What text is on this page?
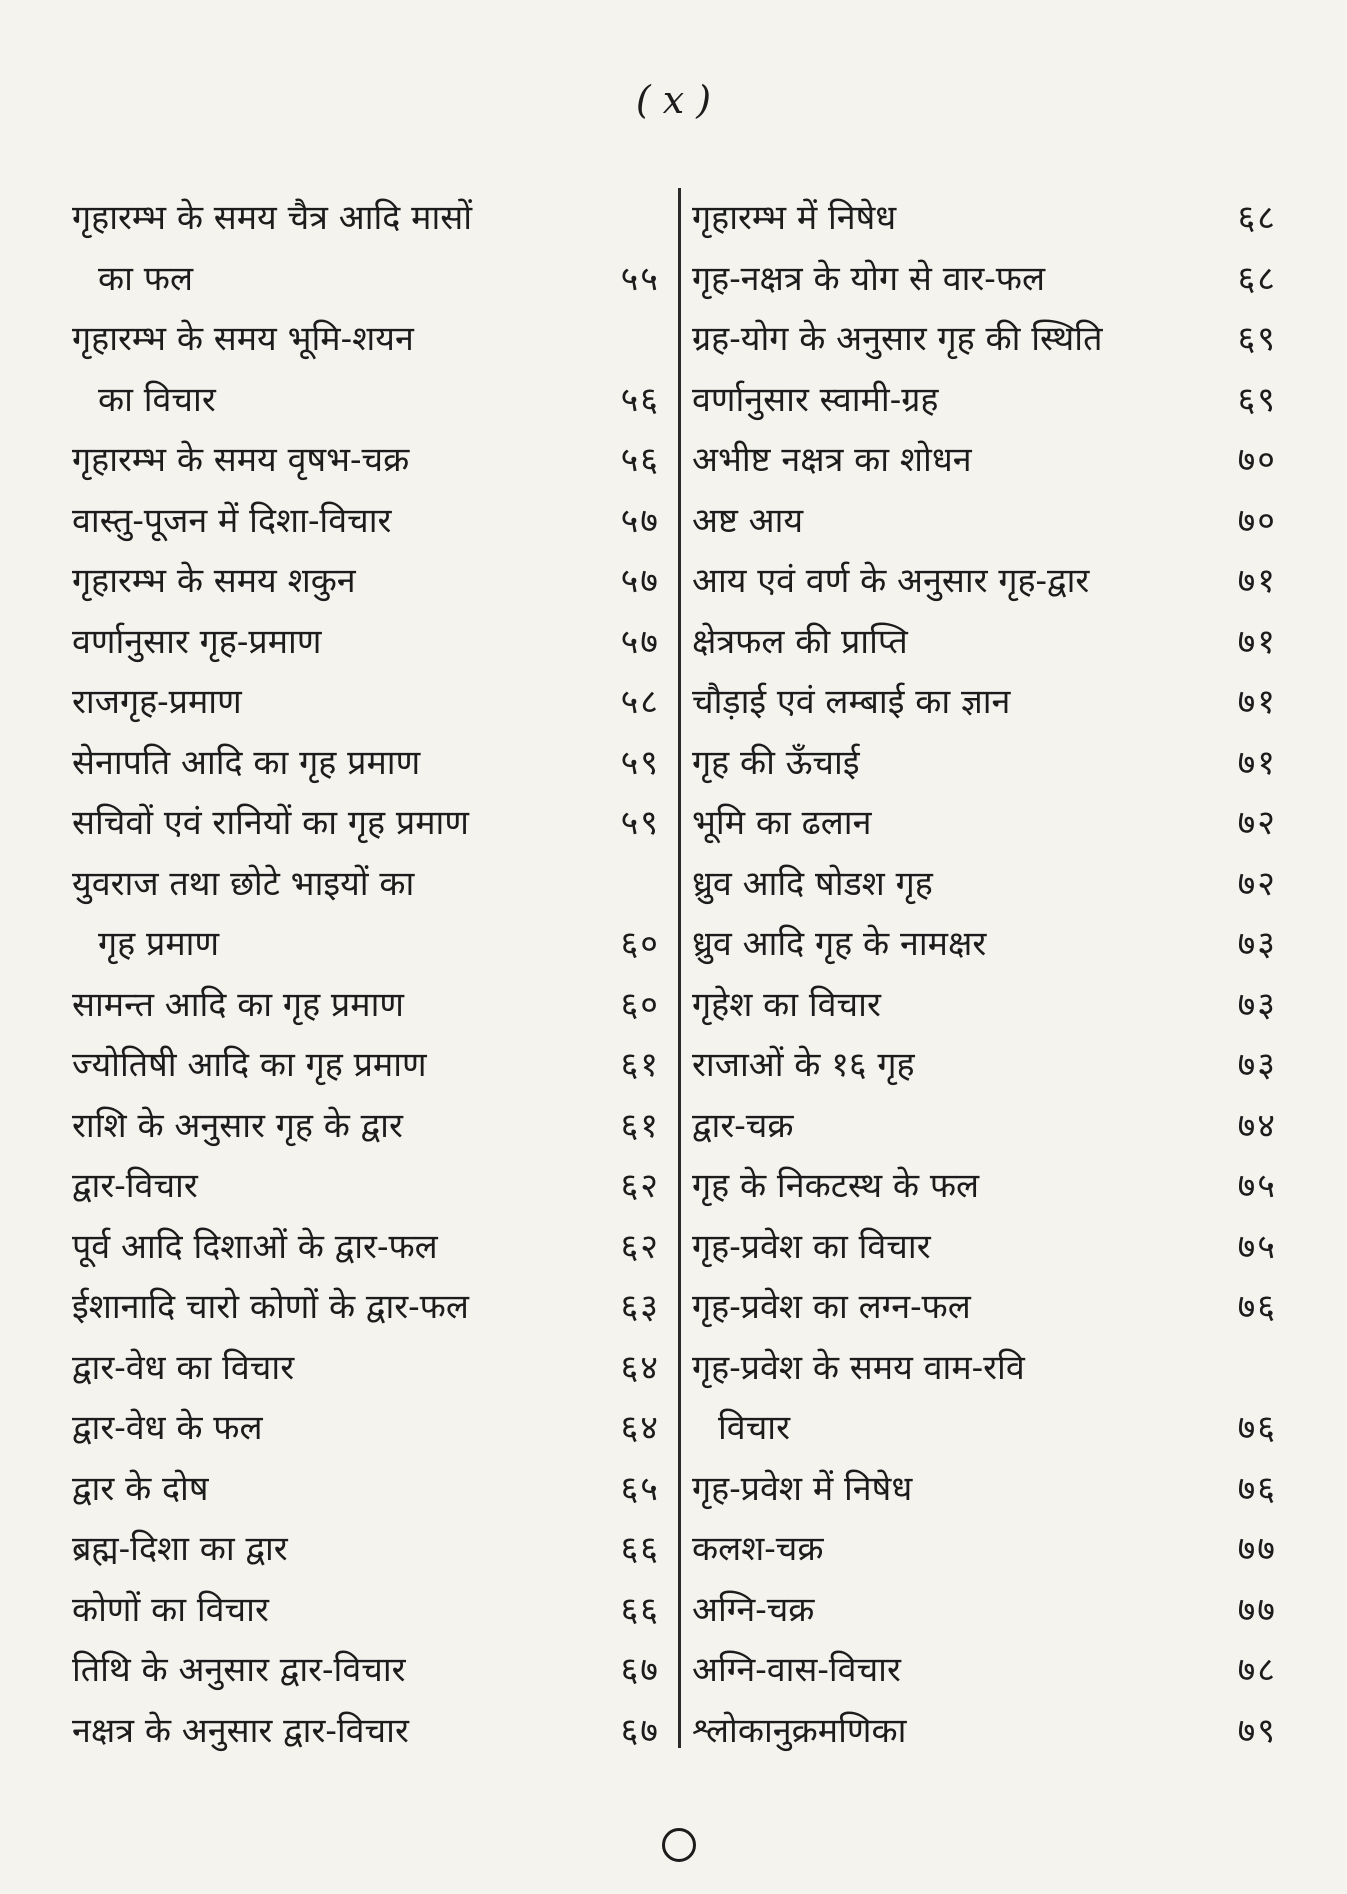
( x )
गृहारम्भ के समय चैत्र आदि मासों
का फल	५५
गृहारम्भ के समय भूमि-शयन
का विचार	५६
गृहारम्भ के समय वृषभ-चक्र	५६
वास्तु-पूजन में दिशा-विचार	५७
गृहारम्भ के समय शकुन	५७
वर्णानुसार गृह-प्रमाण	५७
राजगृह-प्रमाण	५८
सेनापति आदि का गृह प्रमाण	५९
सचिवों एवं रानियों का गृह प्रमाण	५९
युवराज तथा छोटे भाइयों का
गृह प्रमाण	६०
सामन्त आदि का गृह प्रमाण	६०
ज्योतिषी आदि का गृह प्रमाण	६१
राशि के अनुसार गृह के द्वार	६१
द्वार-विचार	६२
पूर्व आदि दिशाओं के द्वार-फल	६२
ईशानादि चारो कोणों के द्वार-फल	६३
द्वार-वेध का विचार	६४
द्वार-वेध के फल	६४
द्वार के दोष	६५
ब्रह्म-दिशा का द्वार	६६
कोणों का विचार	६६
तिथि के अनुसार द्वार-विचार	६७
नक्षत्र के अनुसार द्वार-विचार	६७
गृहारम्भ में निषेध	६८
गृह-नक्षत्र के योग से वार-फल	६८
ग्रह-योग के अनुसार गृह की स्थिति	६९
वर्णानुसार स्वामी-ग्रह	६९
अभीष्ट नक्षत्र का शोधन	७०
अष्ट आय	७०
आय एवं वर्ण के अनुसार गृह-द्वार	७१
क्षेत्रफल की प्राप्ति	७१
चौड़ाई एवं लम्बाई का ज्ञान	७१
गृह की ऊँचाई	७१
भूमि का ढलान	७२
ध्रुव आदि षोडश गृह	७२
ध्रुव आदि गृह के नामक्षर	७३
गृहेश का विचार	७३
राजाओं के १६ गृह	७३
द्वार-चक्र	७४
गृह के निकटस्थ के फल	७५
गृह-प्रवेश का विचार	७५
गृह-प्रवेश का लग्न-फल	७६
गृह-प्रवेश के समय वाम-रवि
विचार	७६
गृह-प्रवेश में निषेध	७६
कलश-चक्र	७७
अग्नि-चक्र	७७
अग्नि-वास-विचार	७८
श्लोकानुक्रमणिका	७९
